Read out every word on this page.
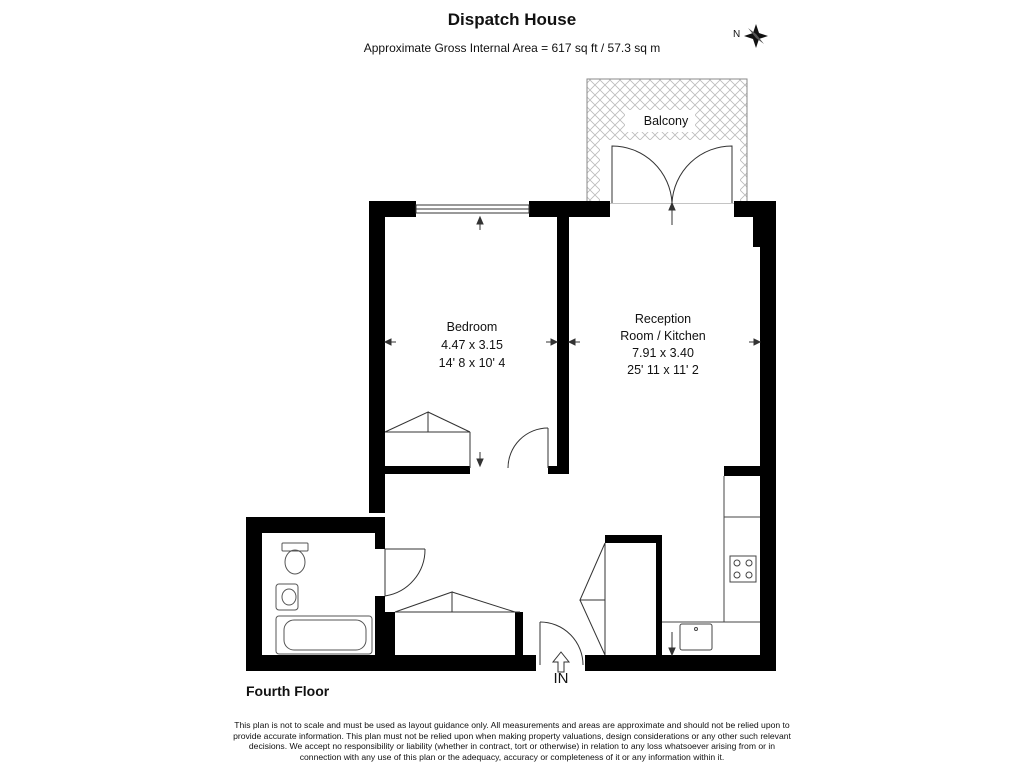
Dispatch House
Approximate Gross Internal Area = 617 sq ft / 57.3 sq m
N
Balcony
IN
Bedroom
4.47 x 3.15
14' 8 x 10' 4
Reception
Room / Kitchen
7.91 x 3.40
25' 11 x 11' 2
Fourth Floor
This plan is not to scale and must be used as layout guidance only. All measurements and areas are approximate and should not be relied upon to
provide accurate information. This plan must not be relied upon when making property valuations, design considerations or any other such relevant
decisions. We accept no responsibility or liability (whether in contract, tort or otherwise) in relation to any loss whatsoever arising from or in
connection with any use of this plan or the adequacy, accuracy or completeness of it or any information within it.
